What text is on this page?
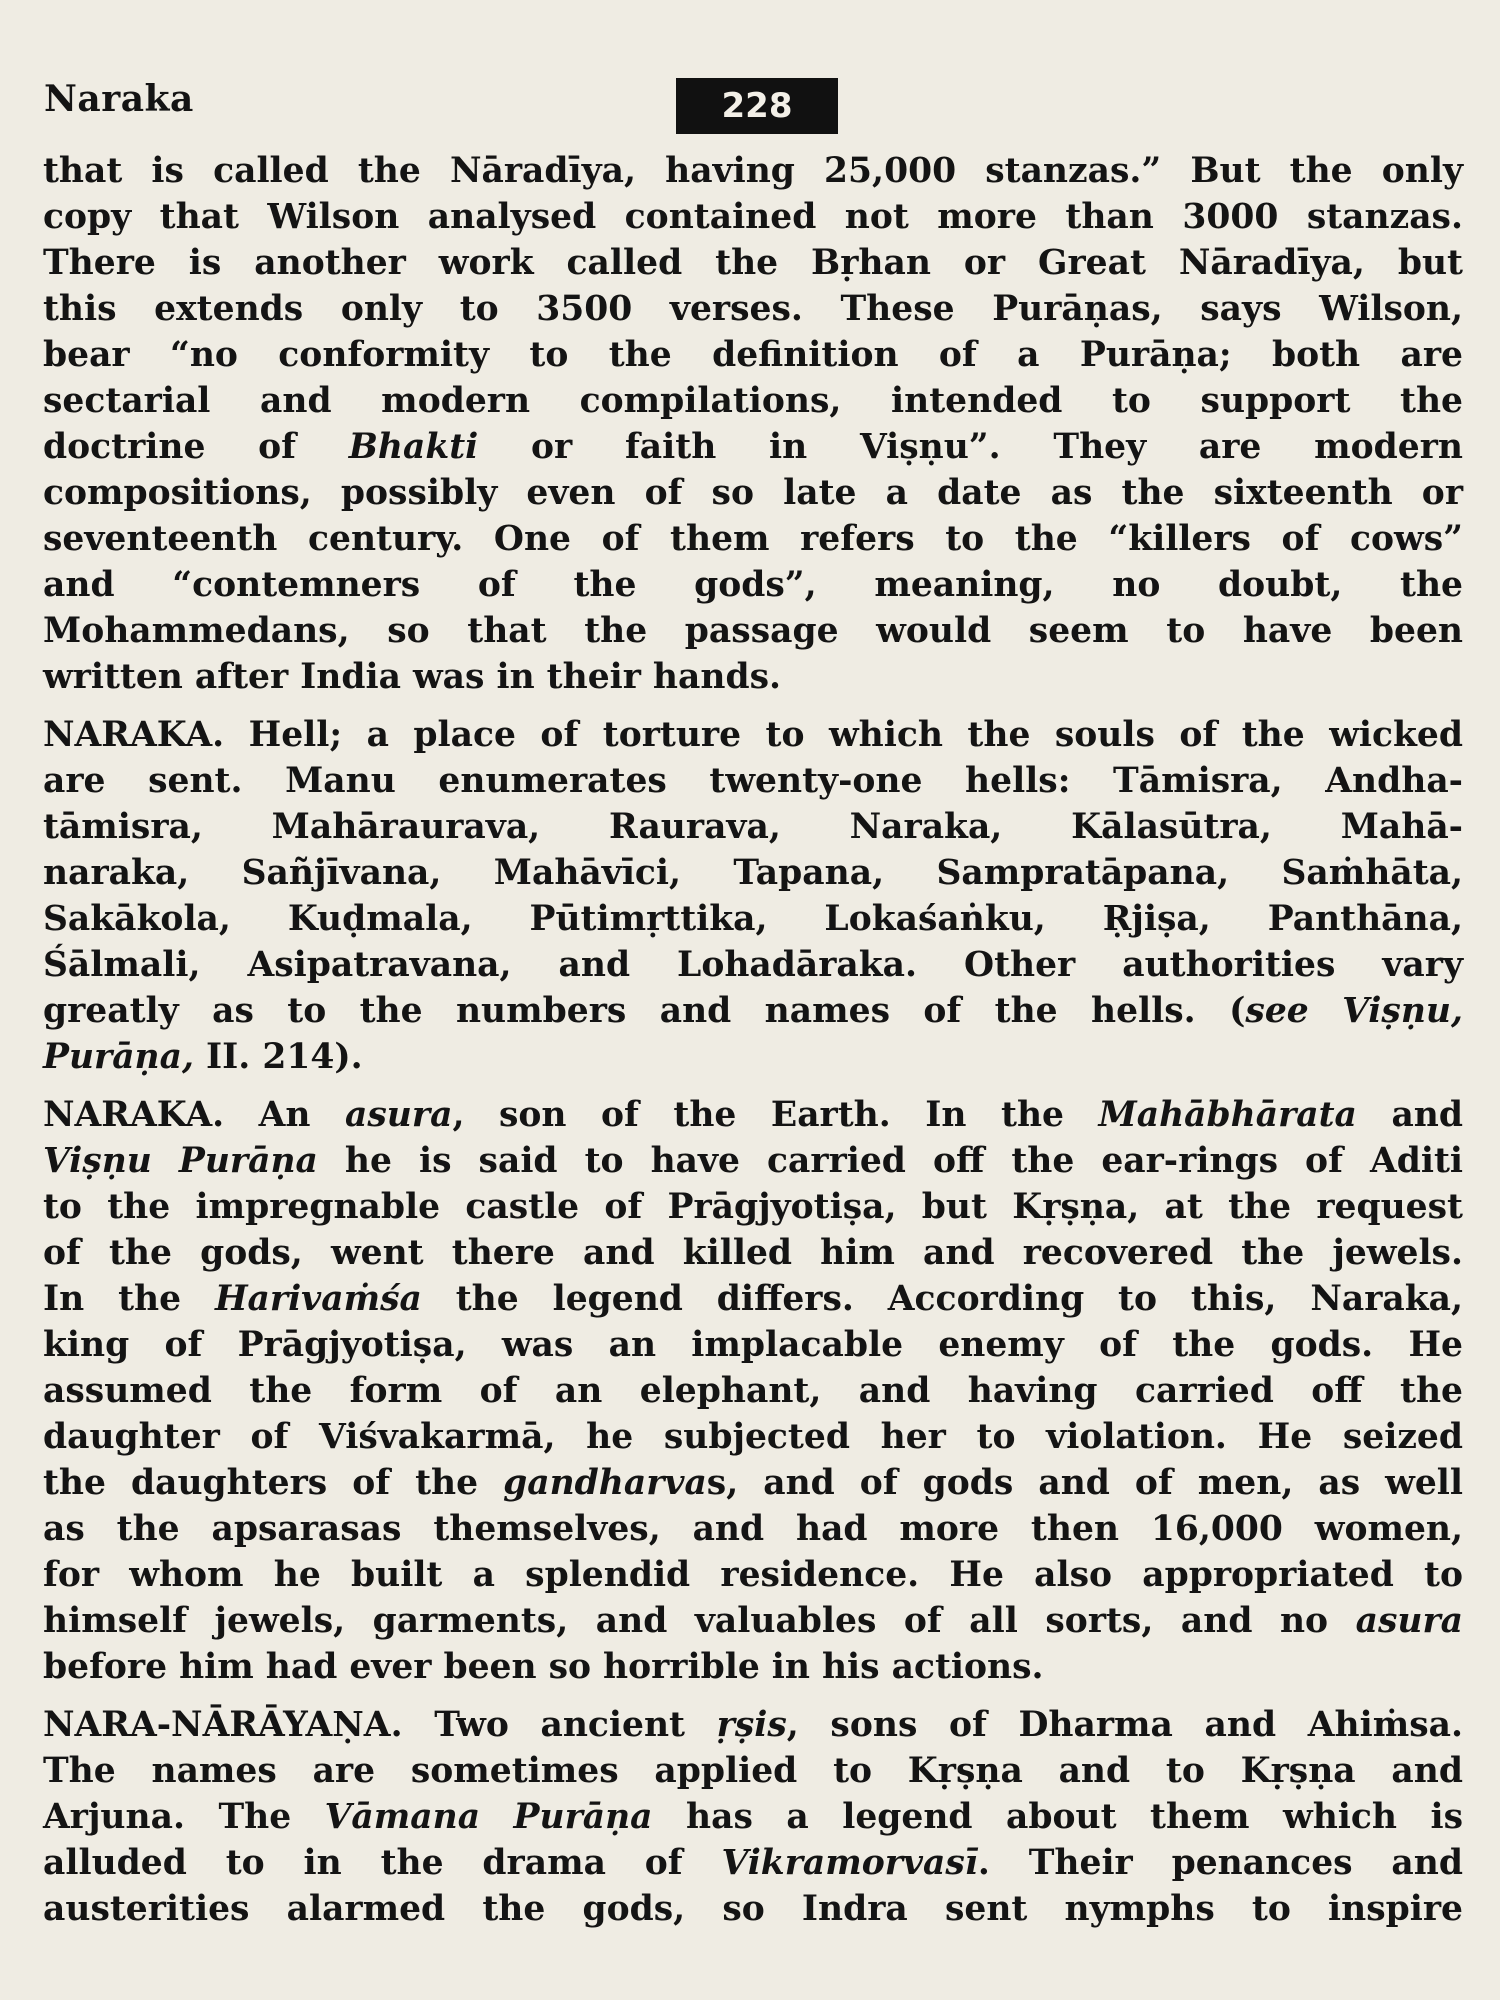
Naraka	228
that is called the Nāradīya, having 25,000 stanzas.” But the only
copy that Wilson analysed contained not more than 3000 stanzas.
There is another work called the Bṛhan or Great Nāradīya, but
this extends only to 3500 verses. These Purāṇas, says Wilson,
bear “no conformity to the definition of a Purāṇa; both are
sectarial and modern compilations, intended to support the
doctrine of Bhakti or faith in Viṣṇu”. They are modern
compositions, possibly even of so late a date as the sixteenth or
seventeenth century. One of them refers to the “killers of cows”
and “contemners of the gods”, meaning, no doubt, the
Mohammedans, so that the passage would seem to have been
written after India was in their hands.
NARAKA. Hell; a place of torture to which the souls of the wicked
are sent. Manu enumerates twenty-one hells: Tāmisra, Andha-
tāmisra, Mahāraurava, Raurava, Naraka, Kālasūtra, Mahā-
naraka, Sañjīvana, Mahāvīci, Tapana, Sampratāpana, Saṁhāta,
Sakākola, Kuḍmala, Pūtimṛttika, Lokaśaṅku, Ṛjiṣa, Panthāna,
Śālmali, Asipatravana, and Lohadāraka. Other authorities vary
greatly as to the numbers and names of the hells. (see Viṣṇu,
Purāṇa, II. 214).
NARAKA. An asura, son of the Earth. In the Mahābhārata and
Viṣṇu Purāṇa he is said to have carried off the ear-rings of Aditi
to the impregnable castle of Prāgjyotiṣa, but Kṛṣṇa, at the request
of the gods, went there and killed him and recovered the jewels.
In the Harivaṁśa the legend differs. According to this, Naraka,
king of Prāgjyotiṣa, was an implacable enemy of the gods. He
assumed the form of an elephant, and having carried off the
daughter of Viśvakarmā, he subjected her to violation. He seized
the daughters of the gandharvas, and of gods and of men, as well
as the apsarasas themselves, and had more then 16,000 women,
for whom he built a splendid residence. He also appropriated to
himself jewels, garments, and valuables of all sorts, and no asura
before him had ever been so horrible in his actions.
NARA-NĀRĀYAṆA. Two ancient ṛṣis, sons of Dharma and Ahiṁsa.
The names are sometimes applied to Kṛṣṇa and to Kṛṣṇa and
Arjuna. The Vāmana Purāṇa has a legend about them which is
alluded to in the drama of Vikramorvasī. Their penances and
austerities alarmed the gods, so Indra sent nymphs to inspire
